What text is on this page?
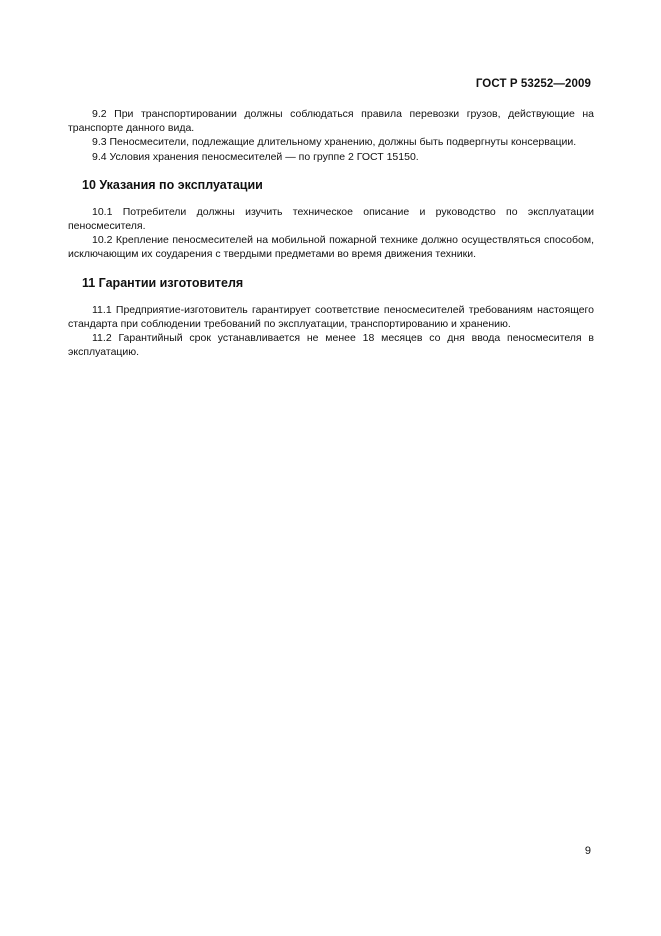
ГОСТ Р 53252—2009

9.2 При транспортировании должны соблюдаться правила перевозки грузов, действующие на транспорте данного вида.

9.3 Пеносмесители, подлежащие длительному хранению, должны быть подвергнуты консервации.

9.4 Условия хранения пеносмесителей — по группе 2 ГОСТ 15150.

10 Указания по эксплуатации

10.1 Потребители должны изучить техническое описание и руководство по эксплуатации пеносмесителя.

10.2 Крепление пеносмесителей на мобильной пожарной технике должно осуществляться способом, исключающим их соударения с твердыми предметами во время движения техники.

11 Гарантии изготовителя

11.1 Предприятие-изготовитель гарантирует соответствие пеносмесителей требованиям настоящего стандарта при соблюдении требований по эксплуатации, транспортированию и хранению.

11.2 Гарантийный срок устанавливается не менее 18 месяцев со дня ввода пеносмесителя в эксплуатацию.

9
